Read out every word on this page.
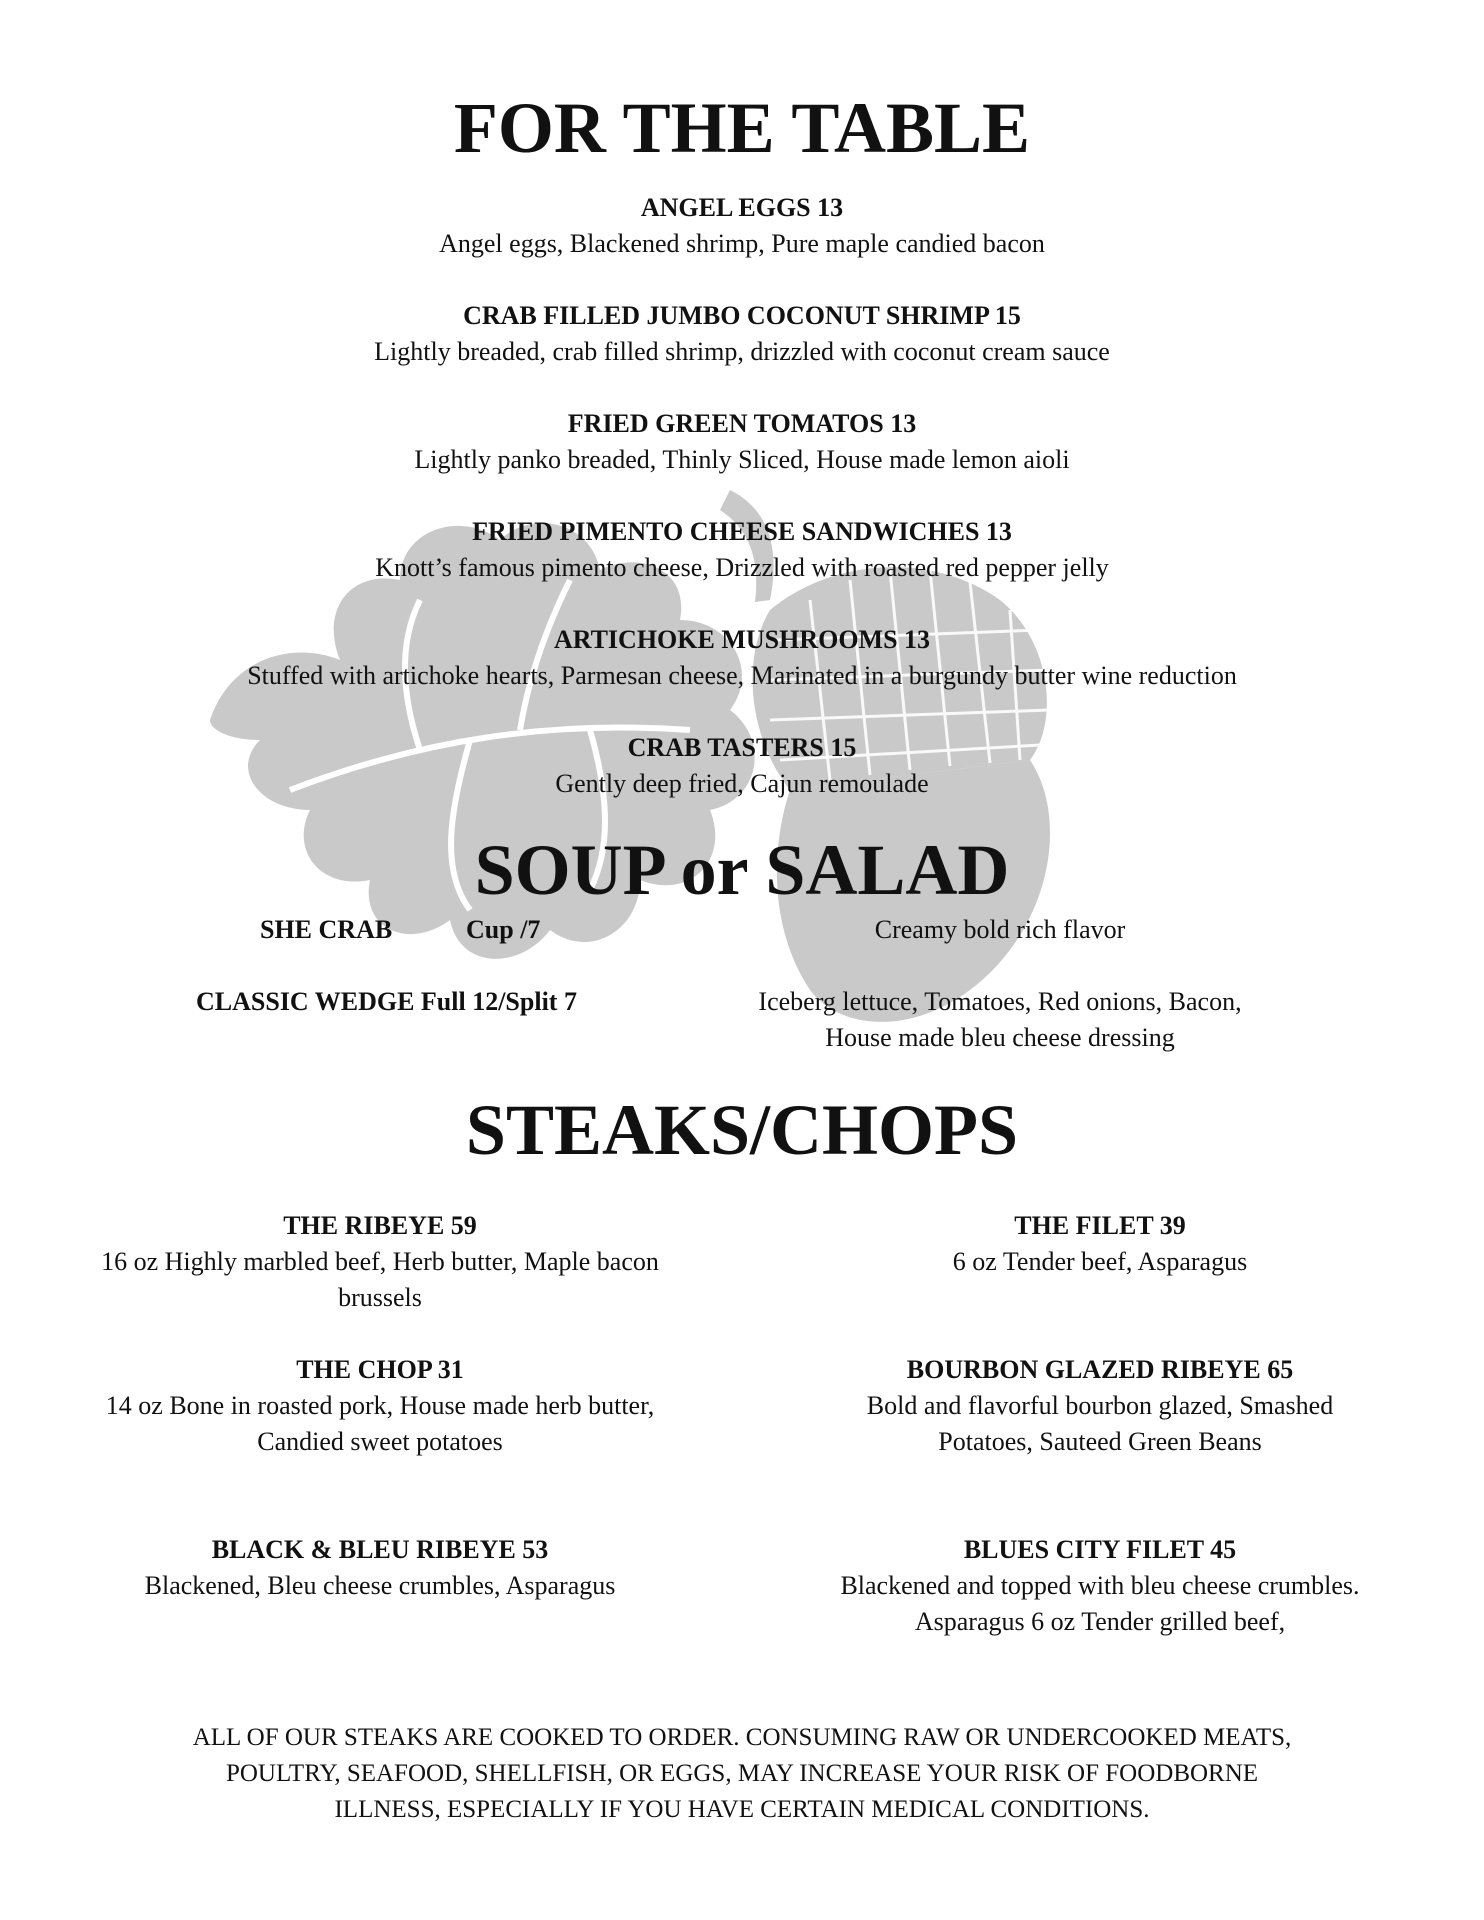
FOR THE TABLE
ANGEL EGGS 13
Angel eggs, Blackened shrimp, Pure maple candied bacon
CRAB FILLED JUMBO COCONUT SHRIMP 15
Lightly breaded, crab filled shrimp, drizzled with coconut cream sauce
FRIED GREEN TOMATOS 13
Lightly panko breaded, Thinly Sliced, House made lemon aioli
FRIED PIMENTO CHEESE SANDWICHES 13
Knott’s famous pimento cheese, Drizzled with roasted red pepper jelly
ARTICHOKE MUSHROOMS 13
Stuffed with artichoke hearts, Parmesan cheese, Marinated in a burgundy butter wine reduction
CRAB TASTERS 15
Gently deep fried, Cajun remoulade
SOUP or SALAD
SHE CRAB	Cup /7	Creamy bold rich flavor
CLASSIC WEDGE Full 12/Split 7	Iceberg lettuce, Tomatoes, Red onions, Bacon,
House made bleu cheese dressing
STEAKS/CHOPS
THE RIBEYE 59
16 oz Highly marbled beef, Herb butter, Maple bacon brussels
THE FILET 39
6 oz Tender beef, Asparagus
THE CHOP 31
14 oz Bone in roasted pork, House made herb butter,
Candied sweet potatoes
BOURBON GLAZED RIBEYE 65
Bold and flavorful bourbon glazed, Smashed
Potatoes, Sauteed Green Beans
BLACK & BLEU RIBEYE 53
Blackened, Bleu cheese crumbles, Asparagus
BLUES CITY FILET 45
Blackened and topped with bleu cheese crumbles.
Asparagus 6 oz Tender grilled beef,
ALL OF OUR STEAKS ARE COOKED TO ORDER. CONSUMING RAW OR UNDERCOOKED MEATS,
POULTRY, SEAFOOD, SHELLFISH, OR EGGS, MAY INCREASE YOUR RISK OF FOODBORNE
ILLNESS, ESPECIALLY IF YOU HAVE CERTAIN MEDICAL CONDITIONS.
